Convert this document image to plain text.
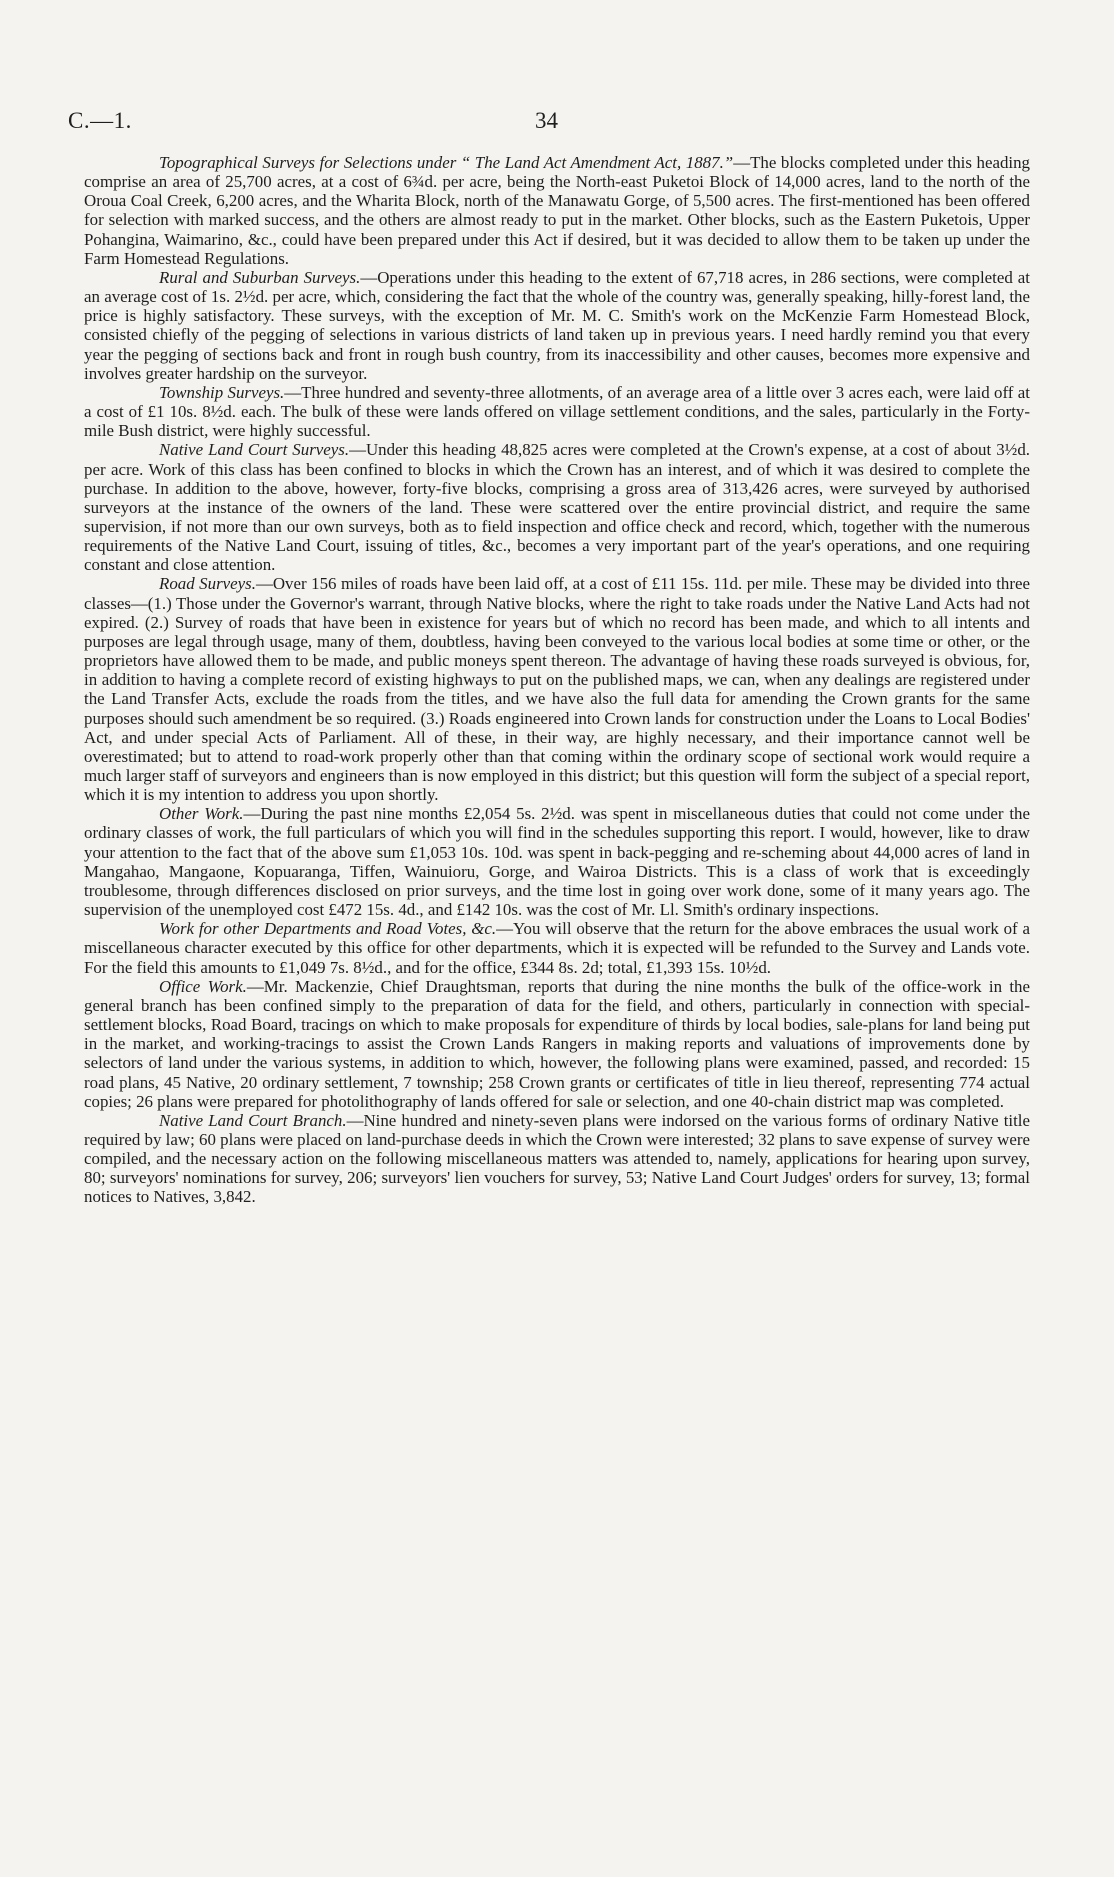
C.—1.	34

Topographical Surveys for Selections under “ The Land Act Amendment Act, 1887.”—The blocks completed under this heading comprise an area of 25,700 acres, at a cost of 6¾d. per acre, being the North-east Puketoi Block of 14,000 acres, land to the north of the Oroua Coal Creek, 6,200 acres, and the Wharita Block, north of the Manawatu Gorge, of 5,500 acres. The first-mentioned has been offered for selection with marked success, and the others are almost ready to put in the market. Other blocks, such as the Eastern Puketois, Upper Pohangina, Waimarino, &c., could have been prepared under this Act if desired, but it was decided to allow them to be taken up under the Farm Homestead Regulations.

Rural and Suburban Surveys.—Operations under this heading to the extent of 67,718 acres, in 286 sections, were completed at an average cost of 1s. 2½d. per acre, which, considering the fact that the whole of the country was, generally speaking, hilly-forest land, the price is highly satisfactory. These surveys, with the exception of Mr. M. C. Smith's work on the McKenzie Farm Homestead Block, consisted chiefly of the pegging of selections in various districts of land taken up in previous years. I need hardly remind you that every year the pegging of sections back and front in rough bush country, from its inaccessibility and other causes, becomes more expensive and involves greater hardship on the surveyor.

Township Surveys.—Three hundred and seventy-three allotments, of an average area of a little over 3 acres each, were laid off at a cost of £1 10s. 8½d. each. The bulk of these were lands offered on village settlement conditions, and the sales, particularly in the Forty-mile Bush district, were highly successful.

Native Land Court Surveys.—Under this heading 48,825 acres were completed at the Crown's expense, at a cost of about 3½d. per acre. Work of this class has been confined to blocks in which the Crown has an interest, and of which it was desired to complete the purchase. In addition to the above, however, forty-five blocks, comprising a gross area of 313,426 acres, were surveyed by authorised surveyors at the instance of the owners of the land. These were scattered over the entire provincial district, and require the same supervision, if not more than our own surveys, both as to field inspection and office check and record, which, together with the numerous requirements of the Native Land Court, issuing of titles, &c., becomes a very important part of the year's operations, and one requiring constant and close attention.

Road Surveys.—Over 156 miles of roads have been laid off, at a cost of £11 15s. 11d. per mile. These may be divided into three classes—(1.) Those under the Governor's warrant, through Native blocks, where the right to take roads under the Native Land Acts had not expired. (2.) Survey of roads that have been in existence for years but of which no record has been made, and which to all intents and purposes are legal through usage, many of them, doubtless, having been conveyed to the various local bodies at some time or other, or the proprietors have allowed them to be made, and public moneys spent thereon. The advantage of having these roads surveyed is obvious, for, in addition to having a complete record of existing highways to put on the published maps, we can, when any dealings are registered under the Land Transfer Acts, exclude the roads from the titles, and we have also the full data for amending the Crown grants for the same purposes should such amendment be so required. (3.) Roads engineered into Crown lands for construction under the Loans to Local Bodies' Act, and under special Acts of Parliament. All of these, in their way, are highly necessary, and their importance cannot well be overestimated; but to attend to road-work properly other than that coming within the ordinary scope of sectional work would require a much larger staff of surveyors and engineers than is now employed in this district; but this question will form the subject of a special report, which it is my intention to address you upon shortly.

Other Work.—During the past nine months £2,054 5s. 2½d. was spent in miscellaneous duties that could not come under the ordinary classes of work, the full particulars of which you will find in the schedules supporting this report. I would, however, like to draw your attention to the fact that of the above sum £1,053 10s. 10d. was spent in back-pegging and re-scheming about 44,000 acres of land in Mangahao, Mangaone, Kopuaranga, Tiffen, Wainuioru, Gorge, and Wairoa Districts. This is a class of work that is exceedingly troublesome, through differences disclosed on prior surveys, and the time lost in going over work done, some of it many years ago. The supervision of the unemployed cost £472 15s. 4d., and £142 10s. was the cost of Mr. Ll. Smith's ordinary inspections.

Work for other Departments and Road Votes, &c.—You will observe that the return for the above embraces the usual work of a miscellaneous character executed by this office for other departments, which it is expected will be refunded to the Survey and Lands vote. For the field this amounts to £1,049 7s. 8½d., and for the office, £344 8s. 2d; total, £1,393 15s. 10½d.

Office Work.—Mr. Mackenzie, Chief Draughtsman, reports that during the nine months the bulk of the office-work in the general branch has been confined simply to the preparation of data for the field, and others, particularly in connection with special-settlement blocks, Road Board, tracings on which to make proposals for expenditure of thirds by local bodies, sale-plans for land being put in the market, and working-tracings to assist the Crown Lands Rangers in making reports and valuations of improvements done by selectors of land under the various systems, in addition to which, however, the following plans were examined, passed, and recorded: 15 road plans, 45 Native, 20 ordinary settlement, 7 township; 258 Crown grants or certificates of title in lieu thereof, representing 774 actual copies; 26 plans were prepared for photolithography of lands offered for sale or selection, and one 40-chain district map was completed.

Native Land Court Branch.—Nine hundred and ninety-seven plans were indorsed on the various forms of ordinary Native title required by law; 60 plans were placed on land-purchase deeds in which the Crown were interested; 32 plans to save expense of survey were compiled, and the necessary action on the following miscellaneous matters was attended to, namely, applications for hearing upon survey, 80; surveyors' nominations for survey, 206; surveyors' lien vouchers for survey, 53; Native Land Court Judges' orders for survey, 13; formal notices to Natives, 3,842.
